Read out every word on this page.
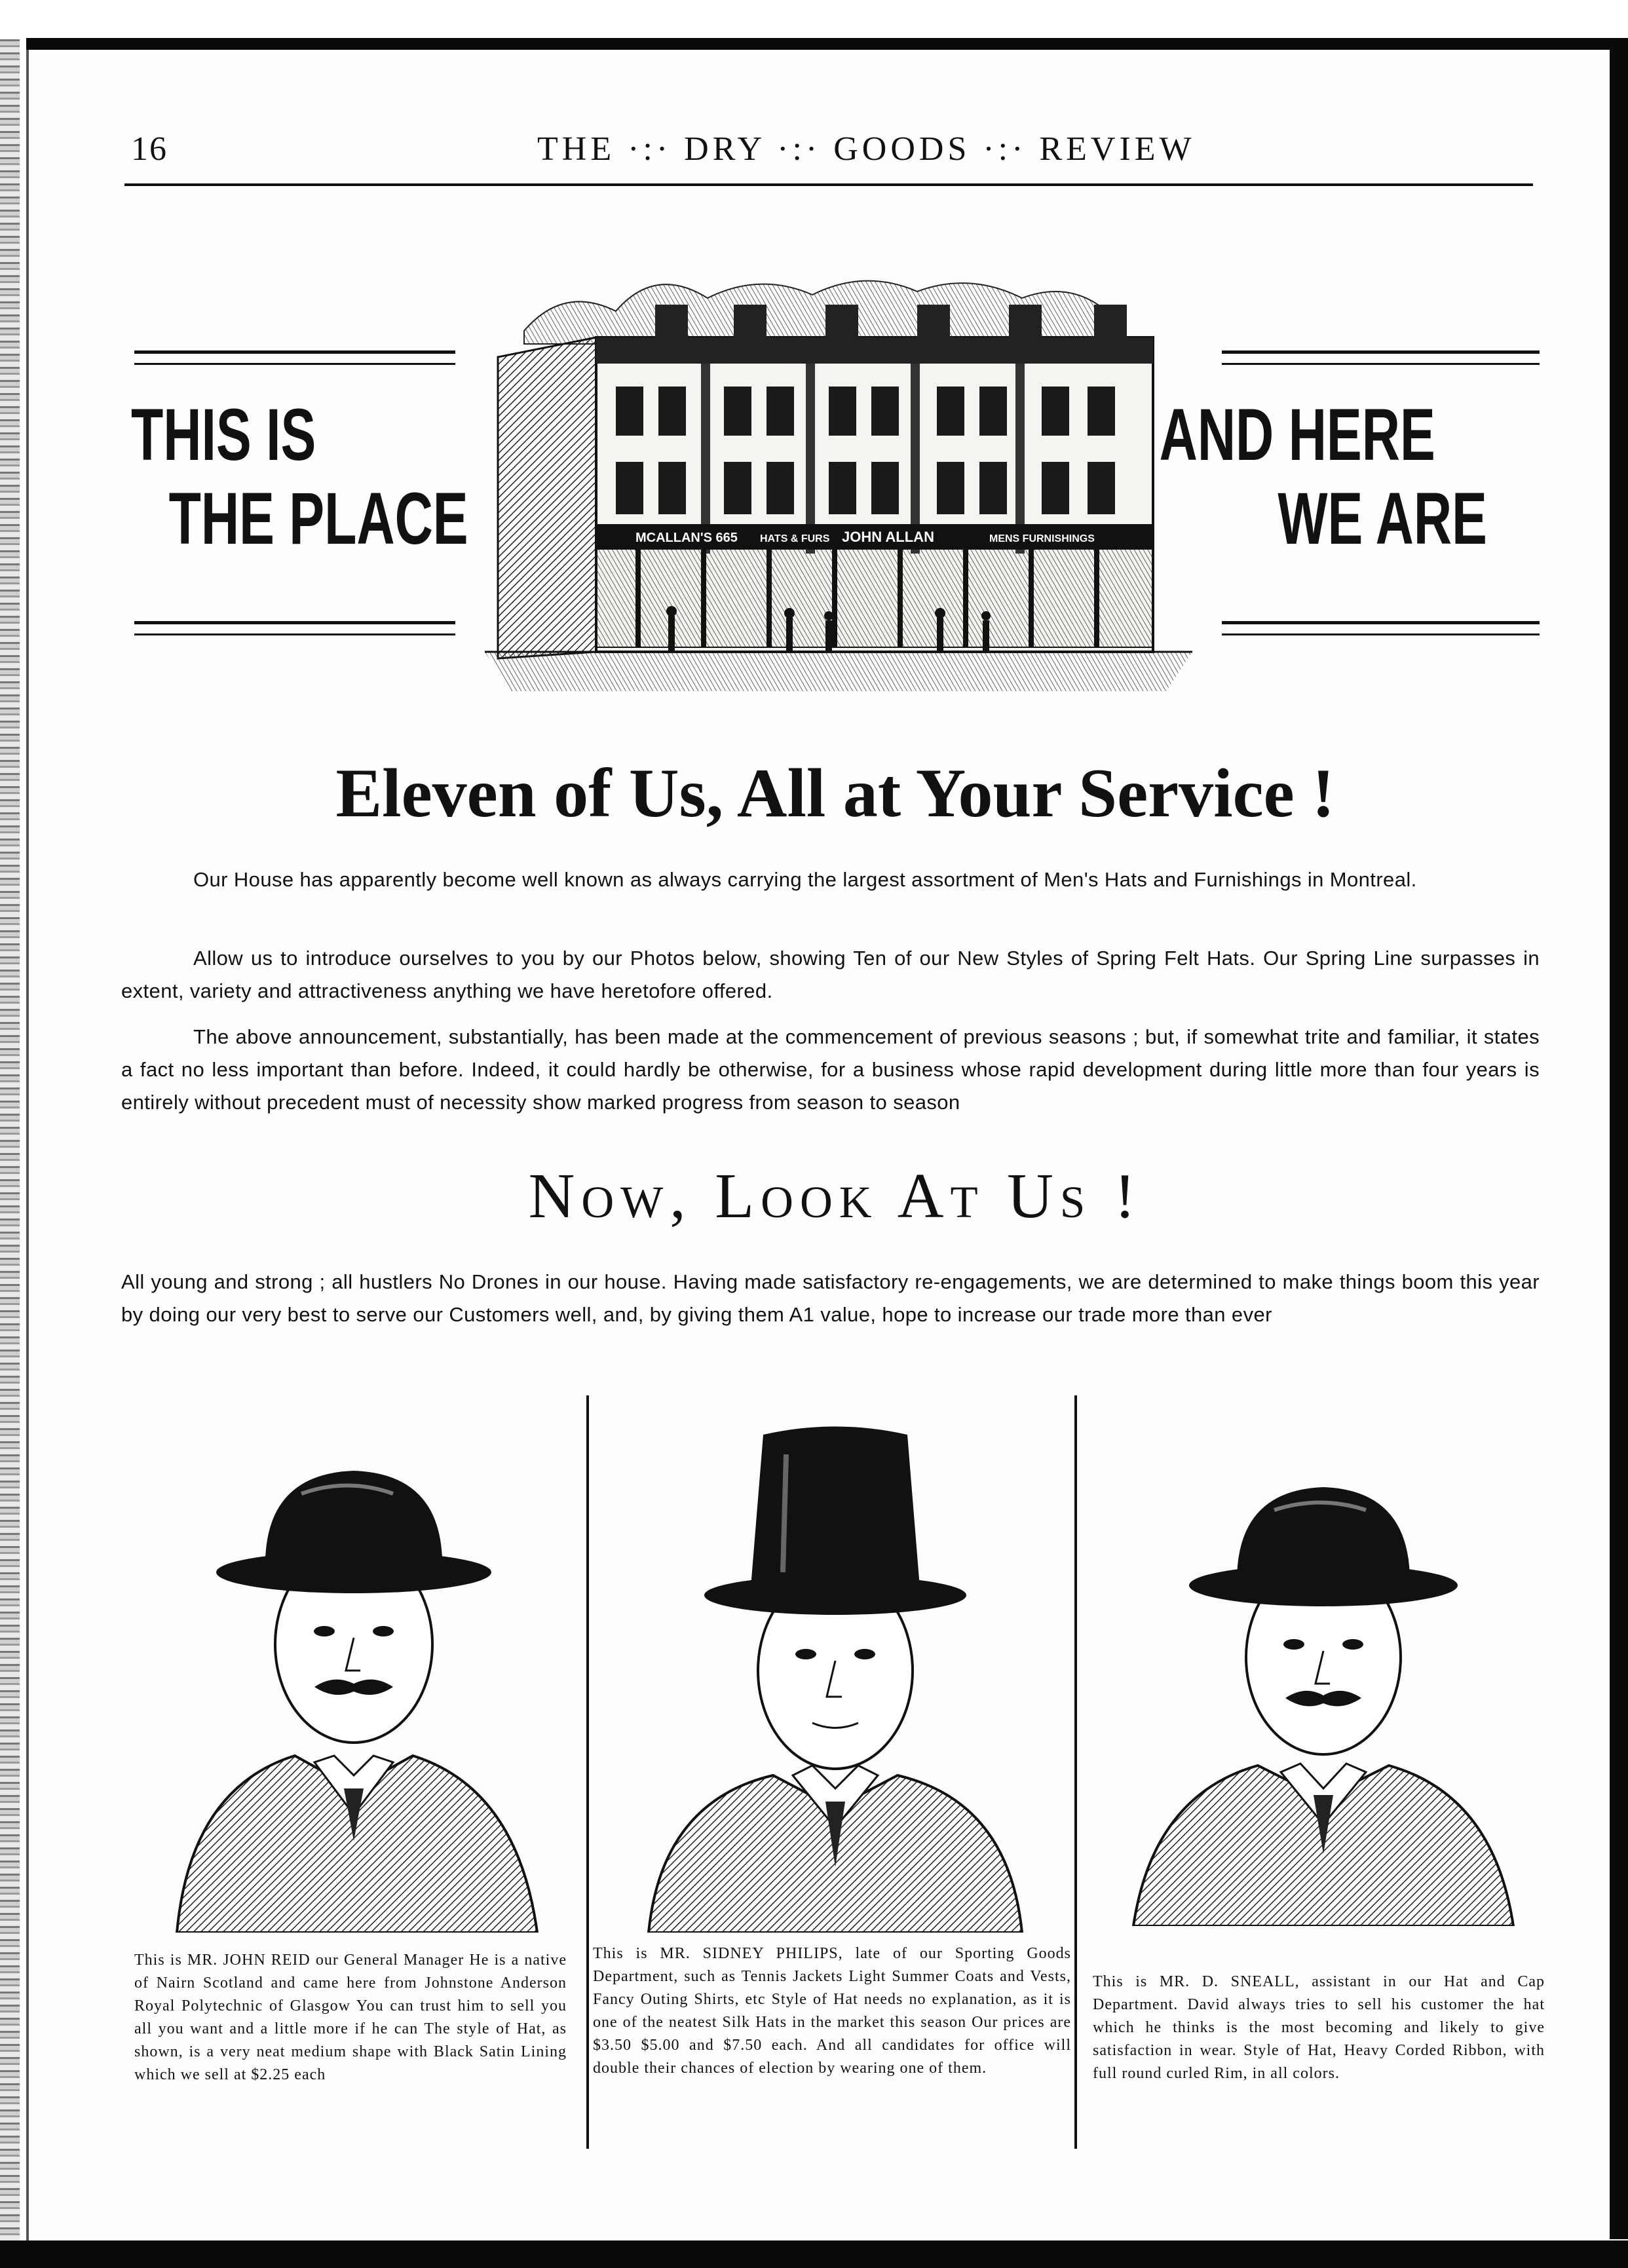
16	THE ·:· DRY ·:· GOODS ·:· REVIEW
THIS IS
THE PLACE
AND HERE
WE ARE
MCALLAN'S 665 HATS & FURS JOHN ALLAN	MENS FURNISHINGS
Eleven of Us, All at Your Service !

Our House has apparently become well known as always carrying the largest assortment of Men's Hats and Furnishings in Montreal.

Allow us to introduce ourselves to you by our Photos below, showing Ten of our New Styles of Spring Felt Hats. Our Spring Line surpasses in extent, variety and attractiveness anything we have heretofore offered.

The above announcement, substantially, has been made at the commencement of previous seasons ; but, if somewhat trite and familiar, it states a fact no less important than before. Indeed, it could hardly be otherwise, for a business whose rapid development during little more than four years is entirely without precedent must of necessity show marked progress from season to season

Now, Look At Us !

All young and strong ; all hustlers No Drones in our house. Having made satisfactory re-engagements, we are determined to make things boom this year by doing our very best to serve our Customers well, and, by giving them A1 value, hope to increase our trade more than ever

This is MR. JOHN REID our General Manager He is a native of Nairn Scotland and came here from Johnstone Anderson Royal Polytechnic of Glasgow You can trust him to sell you all you want and a little more if he can The style of Hat, as shown, is a very neat medium shape with Black Satin Lining which we sell at $2.25 each

This is MR. SIDNEY PHILIPS, late of our Sporting Goods Department, such as Tennis Jackets Light Summer Coats and Vests, Fancy Outing Shirts, etc Style of Hat needs no explanation, as it is one of the neatest Silk Hats in the market this season Our prices are $3.50 $5.00 and $7.50 each. And all candidates for office will double their chances of election by wearing one of them.

This is MR. D. SNEALL, assistant in our Hat and Cap Department. David always tries to sell his customer the hat which he thinks is the most becoming and likely to give satisfaction in wear. Style of Hat, Heavy Corded Ribbon, with full round curled Rim, in all colors.
